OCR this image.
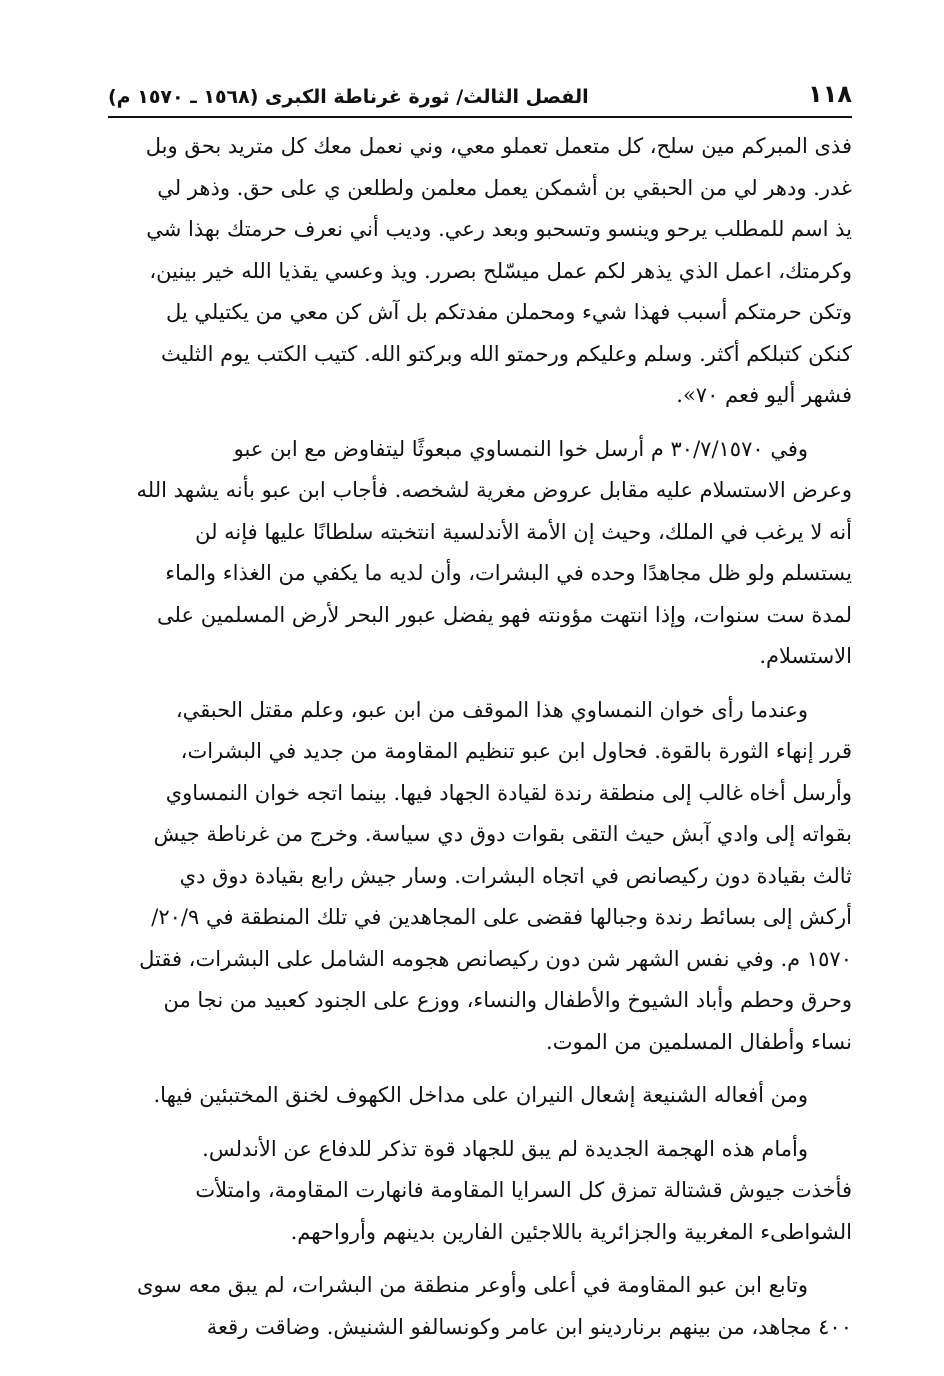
١١٨
الفصل الثالث/ ثورة غرناطة الكبرى (١٥٦٨ ـ ١٥٧٠ م)

فذى المبركم مين سلح، كل متعمل تعملو معي، وني نعمل معك كل متريد بحق وبل
غدر. ودهر لي من الحبقي بن أشمكن يعمل معلمن ولطلعن ي على حق. وذهر لي
يذ اسم للمطلب يرحو وينسو وتسحبو وبعد رعي. وديب أني نعرف حرمتك بهذا شي
وكرمتك، اعمل الذي يذهر لكم عمل ميسّلح بصرر. ويذ وعسي يقذيا الله خير بينين،
وتكن حرمتكم أسبب فهذا شيء ومحملن مفدتكم بل آش كن معي من يكتيلي يل
كنكن كتبلكم أكثر. وسلم وعليكم ورحمتو الله وبركتو الله. كتيب الكتب يوم الثليث
فشهر أليو فعم ٧٠».

وفي ٣٠/٧/١٥٧٠ م أرسل خوا النمساوي مبعوثًا ليتفاوض مع ابن عبو
وعرض الاستسلام عليه مقابل عروض مغرية لشخصه. فأجاب ابن عبو بأنه يشهد الله
أنه لا يرغب في الملك، وحيث إن الأمة الأندلسية انتخبته سلطانًا عليها فإنه لن
يستسلم ولو ظل مجاهدًا وحده في البشرات، وأن لديه ما يكفي من الغذاء والماء
لمدة ست سنوات، وإذا انتهت مؤونته فهو يفضل عبور البحر لأرض المسلمين على
الاستسلام.

وعندما رأى خوان النمساوي هذا الموقف من ابن عبو، وعلم مقتل الحبقي،
قرر إنهاء الثورة بالقوة. فحاول ابن عبو تنظيم المقاومة من جديد في البشرات،
وأرسل أخاه غالب إلى منطقة رندة لقيادة الجهاد فيها. بينما اتجه خوان النمساوي
بقواته إلى وادي آبش حيث التقى بقوات دوق دي سياسة. وخرج من غرناطة جيش
ثالث بقيادة دون ركيصانص في اتجاه البشرات. وسار جيش رابع بقيادة دوق دي
أركش إلى بسائط رندة وجبالها فقضى على المجاهدين في تلك المنطقة في ٢٠/٩/
١٥٧٠ م. وفي نفس الشهر شن دون ركيصانص هجومه الشامل على البشرات، فقتل
وحرق وحطم وأباد الشيوخ والأطفال والنساء، ووزع على الجنود كعبيد من نجا من
نساء وأطفال المسلمين من الموت.

ومن أفعاله الشنيعة إشعال النيران على مداخل الكهوف لخنق المختبئين فيها.

وأمام هذه الهجمة الجديدة لم يبق للجهاد قوة تذكر للدفاع عن الأندلس.
فأخذت جيوش قشتالة تمزق كل السرايا المقاومة فانهارت المقاومة، وامتلأت
الشواطىء المغربية والجزائرية باللاجئين الفارين بدينهم وأرواحهم.

وتابع ابن عبو المقاومة في أعلى وأوعر منطقة من البشرات، لم يبق معه سوى
٤٠٠ مجاهد، من بينهم برناردينو ابن عامر وكونسالفو الشنيش. وضاقت رقعة
